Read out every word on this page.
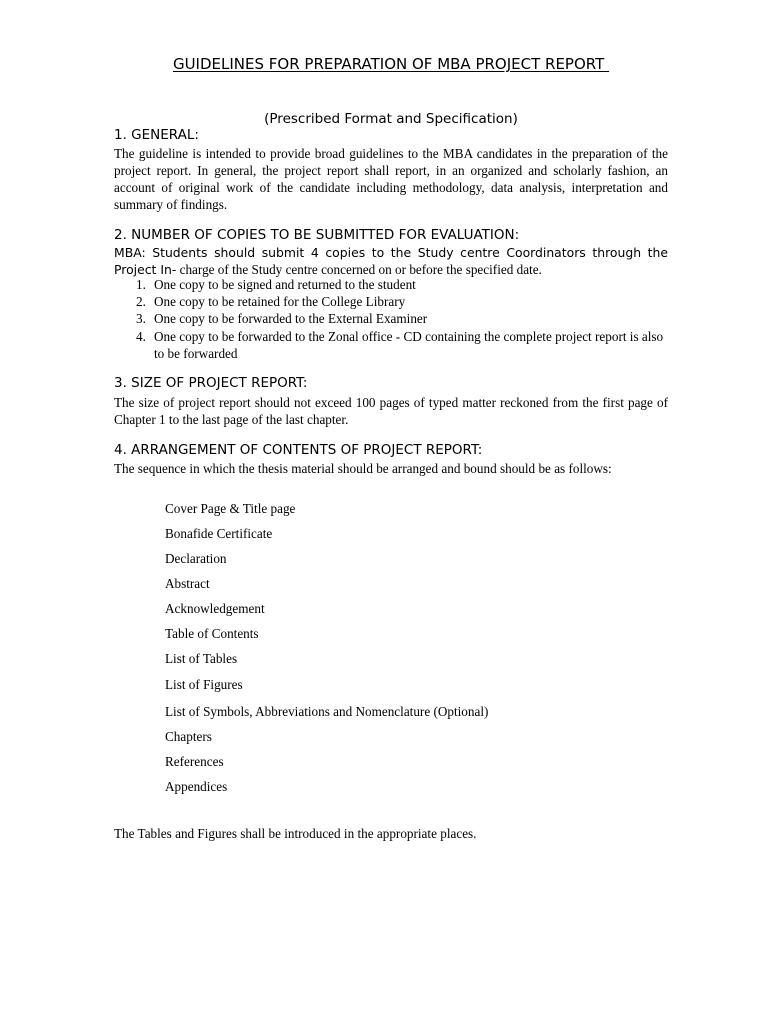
GUIDELINES FOR PREPARATION OF MBA PROJECT REPORT

(Prescribed Format and Specification)

1. GENERAL:

The guideline is intended to provide broad guidelines to the MBA candidates in the preparation of the project report. In general, the project report shall report, in an organized and scholarly fashion, an account of original work of the candidate including methodology, data analysis, interpretation and summary of findings.

2. NUMBER OF COPIES TO BE SUBMITTED FOR EVALUATION:

MBA: Students should submit 4 copies to the Study centre Coordinators through the Project In- charge of the Study centre concerned on or before the specified date.

1. One copy to be signed and returned to the student
2. One copy to be retained for the College Library
3. One copy to be forwarded to the External Examiner
4. One copy to be forwarded to the Zonal office - CD containing the complete project report is also to be forwarded
3. SIZE OF PROJECT REPORT:

The size of project report should not exceed 100 pages of typed matter reckoned from the first page of Chapter 1 to the last page of the last chapter.

4. ARRANGEMENT OF CONTENTS OF PROJECT REPORT:

The sequence in which the thesis material should be arranged and bound should be as follows:

Cover Page & Title page
Bonafide Certificate
Declaration
Abstract
Acknowledgement
Table of Contents
List of Tables
List of Figures
List of Symbols, Abbreviations and Nomenclature (Optional)
Chapters
References
Appendices

The Tables and Figures shall be introduced in the appropriate places.
